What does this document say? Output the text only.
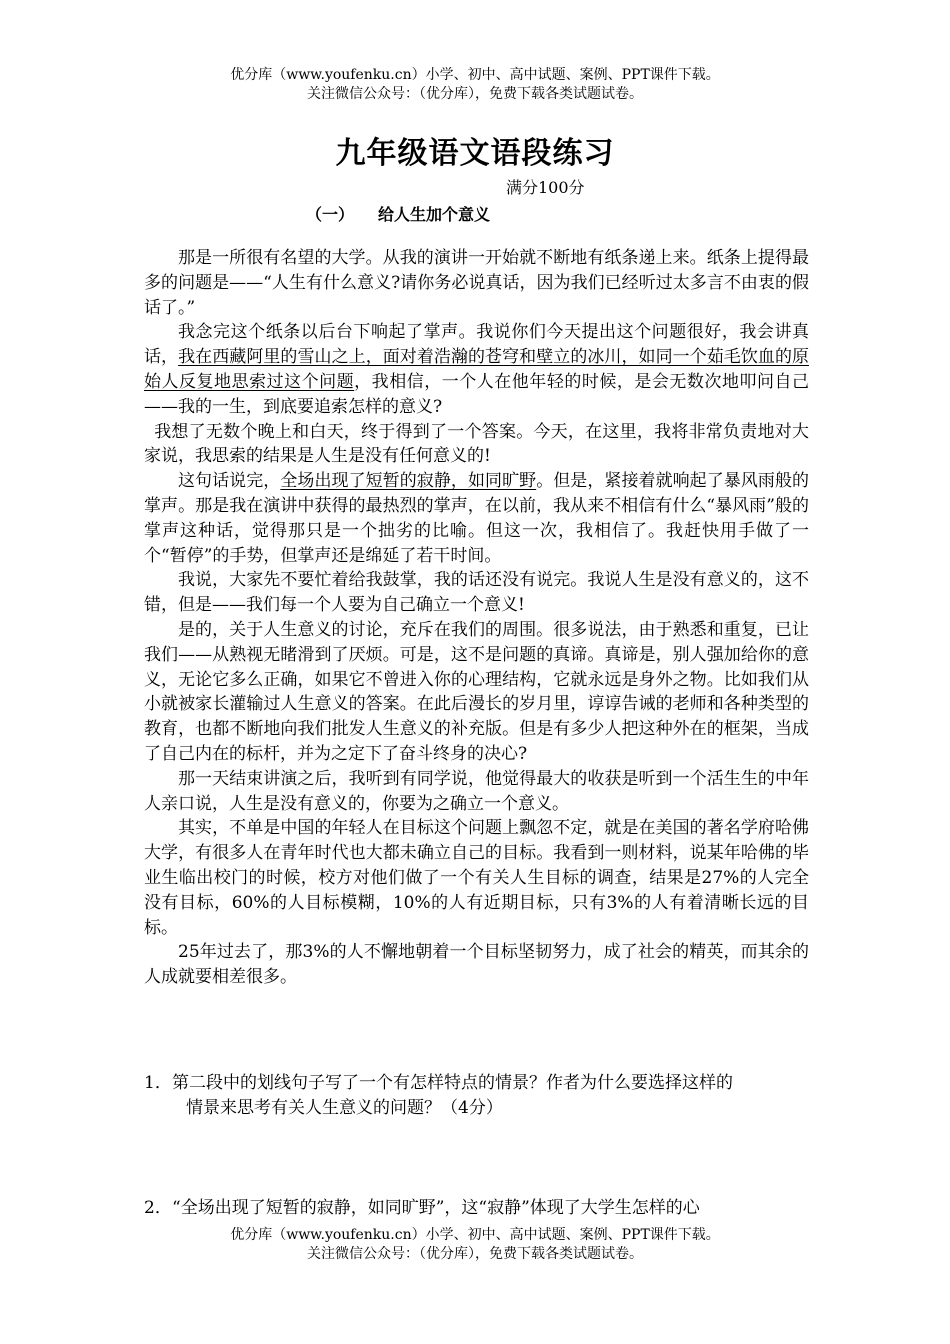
优分库（www.youfenku.cn）小学、初中、高中试题、案例、PPT课件下载。
关注微信公众号：（优分库），免费下载各类试题试卷。
九年级语文语段练习
满分100分
（一） 给人生加个意义

那是一所很有名望的大学。从我的演讲一开始就不断地有纸条递上来。纸条上提得最多的问题是——“人生有什么意义?请你务必说真话，因为我们已经听过太多言不由衷的假话了。”

我念完这个纸条以后台下响起了掌声。我说你们今天提出这个问题很好，我会讲真话，我在西藏阿里的雪山之上，面对着浩瀚的苍穹和壁立的冰川，如同一个茹毛饮血的原始人反复地思索过这个问题，我相信，一个人在他年轻的时候，是会无数次地叩问自己——我的一生，到底要追索怎样的意义?

我想了无数个晚上和白天，终于得到了一个答案。今天，在这里，我将非常负责地对大家说，我思索的结果是人生是没有任何意义的!

这句话说完，全场出现了短暂的寂静，如同旷野。但是，紧接着就响起了暴风雨般的掌声。那是我在演讲中获得的最热烈的掌声，在以前，我从来不相信有什么“暴风雨”般的掌声这种话，觉得那只是一个拙劣的比喻。但这一次，我相信了。我赶快用手做了一个“暂停”的手势，但掌声还是绵延了若干时间。

我说，大家先不要忙着给我鼓掌，我的话还没有说完。我说人生是没有意义的，这不错，但是——我们每一个人要为自己确立一个意义!

是的，关于人生意义的讨论，充斥在我们的周围。很多说法，由于熟悉和重复，已让我们——从熟视无睹滑到了厌烦。可是，这不是问题的真谛。真谛是，别人强加给你的意义，无论它多么正确，如果它不曾进入你的心理结构，它就永远是身外之物。比如我们从小就被家长灌输过人生意义的答案。在此后漫长的岁月里，谆谆告诫的老师和各种类型的教育，也都不断地向我们批发人生意义的补充版。但是有多少人把这种外在的框架，当成了自己内在的标杆，并为之定下了奋斗终身的决心?

那一天结束讲演之后，我听到有同学说，他觉得最大的收获是听到一个活生生的中年人亲口说，人生是没有意义的，你要为之确立一个意义。

其实，不单是中国的年轻人在目标这个问题上飘忽不定，就是在美国的著名学府哈佛大学，有很多人在青年时代也大都未确立自己的目标。我看到一则材料，说某年哈佛的毕业生临出校门的时候，校方对他们做了一个有关人生目标的调查，结果是27%的人完全没有目标，60%的人目标模糊，10%的人有近期目标，只有3%的人有着清晰长远的目标。

25年过去了，那3%的人不懈地朝着一个目标坚韧努力，成了社会的精英，而其余的人成就要相差很多。

1． 第二段中的划线句子写了一个有怎样特点的情景？作者为什么要选择这样的
情景来思考有关人生意义的问题？（4分）
2． “全场出现了短暂的寂静，如同旷野”，这“寂静”体现了大学生怎样的心
优分库（www.youfenku.cn）小学、初中、高中试题、案例、PPT课件下载。
关注微信公众号：（优分库），免费下载各类试题试卷。
